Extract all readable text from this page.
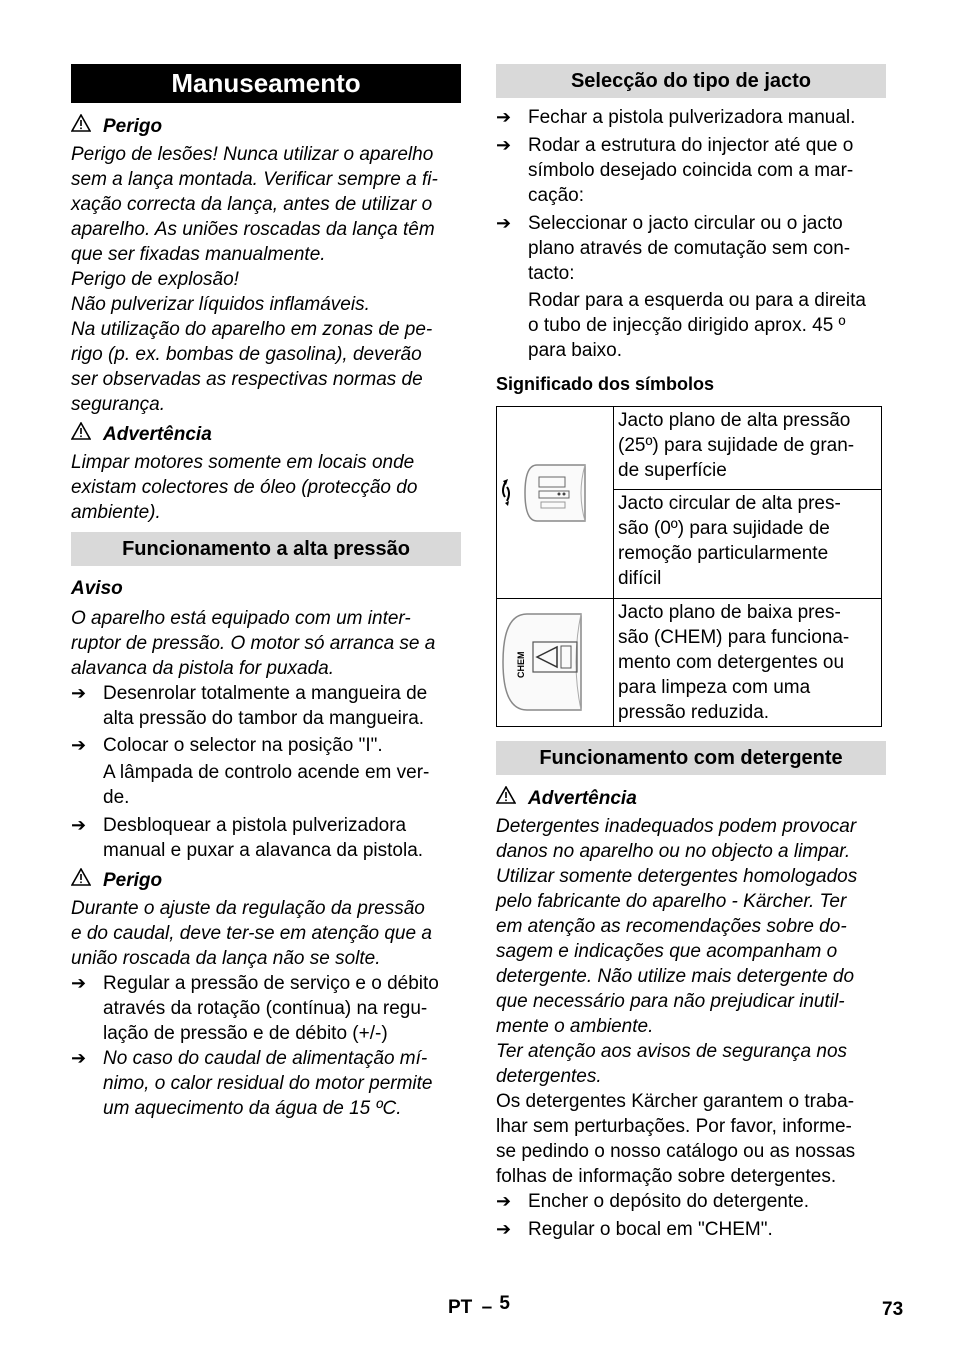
Manuseamento
Perigo

Perigo de lesões! Nunca utilizar o aparelho

sem a lança montada. Verificar sempre a fi-

xação correcta da lança, antes de utilizar o

aparelho. As uniões roscadas da lança têm

que ser fixadas manualmente.

Perigo de explosão!

Não pulverizar líquidos inflamáveis.

Na utilização do aparelho em zonas de pe-

rigo (p. ex. bombas de gasolina), deverão

ser observadas as respectivas normas de

segurança.

Advertência

Limpar motores somente em locais onde

existam colectores de óleo (protecção do

ambiente).

Funcionamento a alta pressão
Aviso

O aparelho está equipado com um inter-

ruptor de pressão. O motor só arranca se a

alavanca da pistola for puxada.

➔ Desenrolar totalmente a mangueira de

alta pressão do tambor da mangueira.

➔ Colocar o selector na posição "I".

A lâmpada de controlo acende em ver-

de.

➔ Desbloquear a pistola pulverizadora

manual e puxar a alavanca da pistola.

Perigo

Durante o ajuste da regulação da pressão

e do caudal, deve ter-se em atenção que a

união roscada da lança não se solte.

➔ Regular a pressão de serviço e o débito

através da rotação (contínua) na regu-

lação de pressão e de débito (+/-)

➔ No caso do caudal de alimentação mí-

nimo, o calor residual do motor permite

um aquecimento da água de 15 ºC.

Selecção do tipo de jacto
➔ Fechar a pistola pulverizadora manual.

➔ Rodar a estrutura do injector até que o

símbolo desejado coincida com a mar-

cação:

➔ Seleccionar o jacto circular ou o jacto

plano através de comutação sem con-

tacto:

Rodar para a esquerda ou para a direita

o tubo de injecção dirigido aprox. 45 º

para baixo.

Significado dos símbolos

Jacto plano de alta pressão

(25º) para sujidade de gran-

de superfície

	Jacto circular de alta pres-

são (0º) para sujidade de

remoção particularmente

difícil

CHEM	Jacto plano de baixa pres-

são (CHEM) para funciona-

mento com detergentes ou

para limpeza com uma

pressão reduzida.

Funcionamento com detergente
Advertência

Detergentes inadequados podem provocar

danos no aparelho ou no objecto a limpar.

Utilizar somente detergentes homologados

pelo fabricante do aparelho - Kärcher. Ter

em atenção as recomendações sobre do-

sagem e indicações que acompanham o

detergente. Não utilize mais detergente do

que necessário para não prejudicar inutil-

mente o ambiente.

Ter atenção aos avisos de segurança nos

detergentes.

Os detergentes Kärcher garantem o traba-

lhar sem perturbações. Por favor, informe-

se pedindo o nosso catálogo ou as nossas

folhas de informação sobre detergentes.

➔ Encher o depósito do detergente.

➔ Regular o bocal em "CHEM".

PT – 5	73
